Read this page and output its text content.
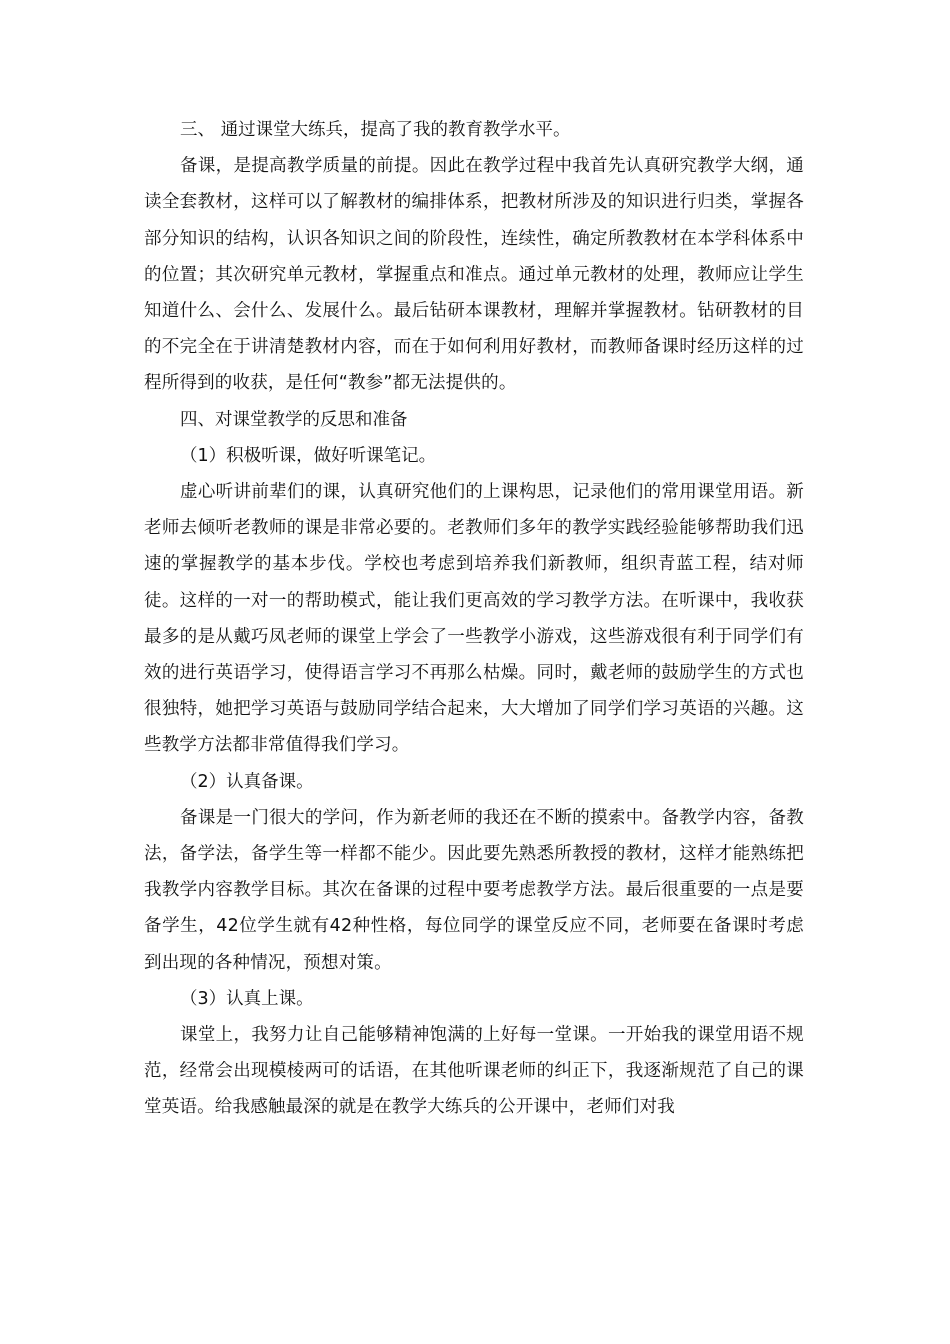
三、 通过课堂大练兵，提高了我的教育教学水平。

备课，是提高教学质量的前提。因此在教学过程中我首先认真研究教学大纲，通读全套教材，这样可以了解教材的编排体系，把教材所涉及的知识进行归类，掌握各部分知识的结构，认识各知识之间的阶段性，连续性，确定所教教材在本学科体系中的位置；其次研究单元教材，掌握重点和准点。通过单元教材的处理，教师应让学生知道什么、会什么、发展什么。最后钻研本课教材，理解并掌握教材。钻研教材的目的不完全在于讲清楚教材内容，而在于如何利用好教材，而教师备课时经历这样的过程所得到的收获，是任何“教参”都无法提供的。

四、对课堂教学的反思和准备

（1）积极听课，做好听课笔记。

虚心听讲前辈们的课，认真研究他们的上课构思，记录他们的常用课堂用语。新老师去倾听老教师的课是非常必要的。老教师们多年的教学实践经验能够帮助我们迅速的掌握教学的基本步伐。学校也考虑到培养我们新教师，组织青蓝工程，结对师徒。这样的一对一的帮助模式，能让我们更高效的学习教学方法。在听课中，我收获最多的是从戴巧凤老师的课堂上学会了一些教学小游戏，这些游戏很有利于同学们有效的进行英语学习，使得语言学习不再那么枯燥。同时，戴老师的鼓励学生的方式也很独特，她把学习英语与鼓励同学结合起来，大大增加了同学们学习英语的兴趣。这些教学方法都非常值得我们学习。

（2）认真备课。

备课是一门很大的学问，作为新老师的我还在不断的摸索中。备教学内容，备教法，备学法，备学生等一样都不能少。因此要先熟悉所教授的教材，这样才能熟练把我教学内容教学目标。其次在备课的过程中要考虑教学方法。最后很重要的一点是要备学生，42位学生就有42种性格，每位同学的课堂反应不同，老师要在备课时考虑到出现的各种情况，预想对策。

（3）认真上课。

课堂上，我努力让自己能够精神饱满的上好每一堂课。一开始我的课堂用语不规范，经常会出现模棱两可的话语，在其他听课老师的纠正下，我逐渐规范了自己的课堂英语。给我感触最深的就是在教学大练兵的公开课中，老师们对我
